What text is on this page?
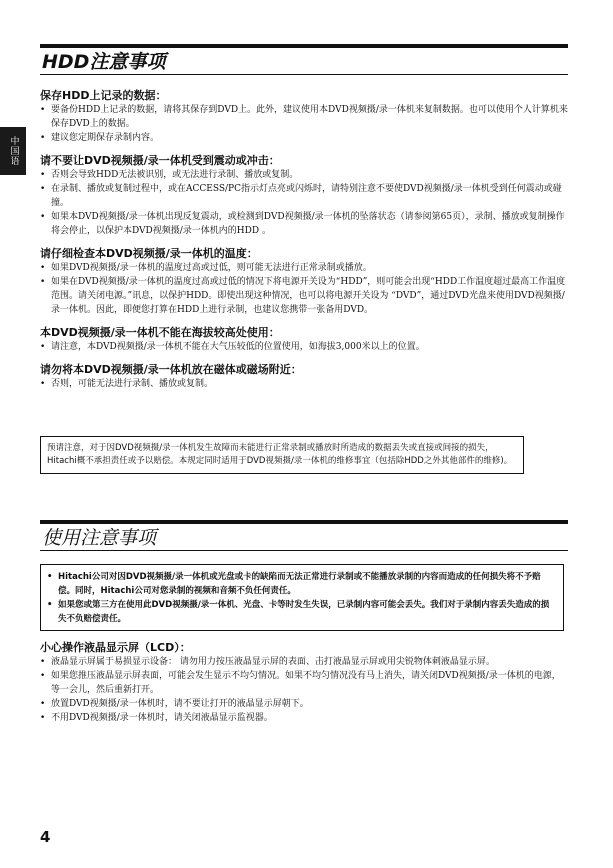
中国语
HDD注意事项
保存HDD上记录的数据：
• 要备份HDD上记录的数据，请将其保存到DVD上。此外，建议使用本DVD视频摄/录一体机来复制数据。也可以使用个人计算机来保存DVD上的数据。
• 建议您定期保存录制内容。
请不要让DVD视频摄/录一体机受到震动或冲击：
• 否则会导致HDD无法被识别，或无法进行录制、播放或复制。
• 在录制、播放或复制过程中，或在ACCESS/PC指示灯点亮或闪烁时，请特别注意不要使DVD视频摄/录一体机受到任何震动或碰撞。
• 如果本DVD视频摄/录一体机出现反复震动，或检测到DVD视频摄/录一体机的坠落状态（请参阅第65页），录制、播放或复制操作将会停止，以保护本DVD视频摄/录一体机内的HDD 。
请仔细检查本DVD视频摄/录一体机的温度：
• 如果DVD视频摄/录一体机的温度过高或过低，则可能无法进行正常录制或播放。
• 如果在DVD视频摄/录一体机的温度过高或过低的情况下将电源开关设为“HDD”，则可能会出现“HDD工作温度超过最高工作温度范围。请关闭电源。”讯息，以保护HDD。即使出现这种情况，也可以将电源开关设为 “DVD”，通过DVD光盘来使用DVD视频摄/录一体机。因此，即便您打算在HDD上进行录制，也建议您携带一张备用DVD。
本DVD视频摄/录一体机不能在海拔较高处使用：
• 请注意，本DVD视频摄/录一体机不能在大气压较低的位置使用，如海拔3,000米以上的位置。
请勿将本DVD视频摄/录一体机放在磁体或磁场附近：
• 否则，可能无法进行录制、播放或复制。
预请注意，对于因DVD视频摄/录一体机发生故障而未能进行正常录制或播放时所造成的数据丢失或直接或间接的损失，Hitachi概不承担责任或予以赔偿。本规定同时适用于DVD视频摄/录一体机的维修事宜（包括除HDD之外其他部件的维修)。
使用注意事项
• Hitachi公司对因DVD视频摄/录一体机或光盘或卡的缺陷而无法正常进行录制或不能播放录制的内容而造成的任何损失将不予赔偿。同时，Hitachi公司对您录制的视频和音频不负任何责任。
• 如果您或第三方在使用此DVD视频摄/录一体机、光盘、卡等时发生失误，已录制内容可能会丢失。我们对于录制内容丢失造成的损失不负赔偿责任。
小心操作液晶显示屏（LCD）：
• 液晶显示屏属于易损显示设备： 请勿用力按压液晶显示屏的表面、击打液晶显示屏或用尖锐物体刺液晶显示屏。
• 如果您推压液晶显示屏表面，可能会发生显示不均匀情况。如果不均匀情况没有马上消失，请关闭DVD视频摄/录一体机的电源，等一会儿，然后重新打开。
• 放置DVD视频摄/录一体机时，请不要让打开的液晶显示屏朝下。
• 不用DVD视频摄/录一体机时，请关闭液晶显示监视器。
4
